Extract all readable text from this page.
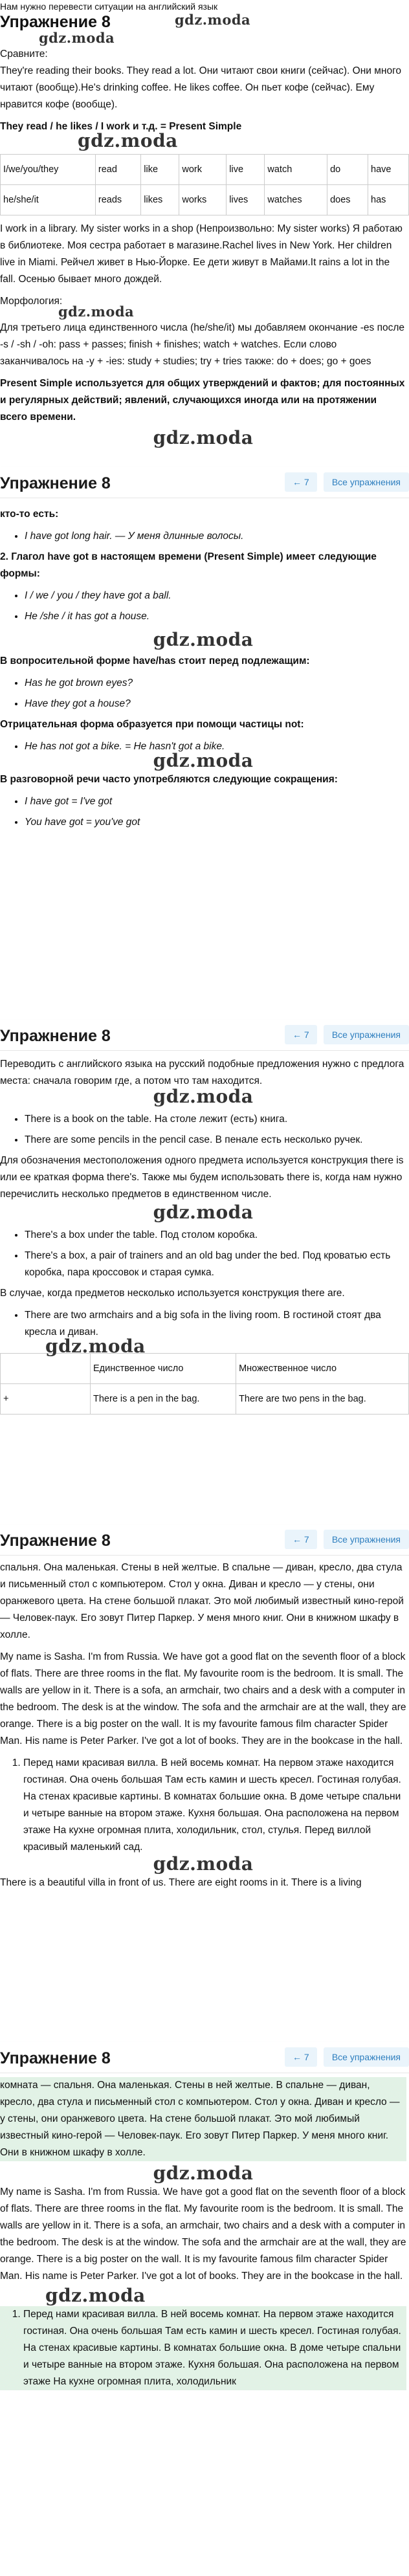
Нам нужно перевести ситуации на английский язык

Упражнение 8	gdz.moda
gdz.moda

Сравните:

They're reading their books. They read a lot. Они читают свои книги (сейчас). Они много читают (вообще).He's drinking coffee. He likes coffee. Он пьет кофе (сейчас). Ему нравится кофе (вообще).

They read / he likes / I work и т.д. = Present Simple

gdz.moda
I/we/you/they	read	like	work	live	watch	do	have
he/she/it	reads	likes	works	lives	watches	does	has

I work in a library. My sister works in a shop (Непроизвольно: My sister works) Я работаю в библиотеке. Моя сестра работает в магазине.Rachel lives in New York. Her children live in Miami. Рейчел живет в Нью-Йорке. Ее дети живут в Майами.It rains a lot in the fall. Осенью бывает много дождей.

Морфология:

gdz.moda

Для третьего лица единственного числа (he/she/it) мы добавляем окончание -es после -s / -sh / -oh: pass + passes; finish + finishes; watch + watches. Если слово заканчивалось на -y + -ies: study + studies; try + tries также: do + does; go + goes

Present Simple используется для общих утверждений и фактов; для постоянных и регулярных действий; явлений, случающихся иногда или на протяжении всего времени.

gdz.moda
Упражнение 8	← 7	Все упражнения

кто-то есть:

• I have got long hair. — У меня длинные волосы.

2. Глагол have got в настоящем времени (Present Simple) имеет следующие формы:

• I / we / you / they have got a ball.
• He /she / it has got a house.
gdz.moda

В вопросительной форме have/has стоит перед подлежащим:

• Has he got brown eyes?
• Have they got a house?

Отрицательная форма образуется при помощи частицы not:

• He has not got a bike. = He hasn't got a bike.
gdz.moda

В разговорной речи часто употребляются следующие сокращения:

• I have got = I've got
• You have got = you've got
Упражнение 8	← 7	Все упражнения

Переводить с английского языка на русский подобные предложения нужно с предлога места: сначала говорим где, а потом что там находится.

gdz.moda
• There is a book on the table. На столе лежит (есть) книга.
• There are some pencils in the pencil case. В пенале есть несколько ручек.

Для обозначения местоположения одного предмета используется конструкция there is или ее краткая форма there's. Также мы будем использовать there is, когда нам нужно перечислить несколько предметов в единственном числе.

gdz.moda
• There's a box under the table. Под столом коробка.
• There's a box, a pair of trainers and an old bag under the bed. Под кроватью есть коробка, пара кроссовок и старая сумка.

В случае, когда предметов несколько используется конструкция there are.

• There are two armchairs and a big sofa in the living room. В гостиной стоят два кресла и диван.
gdz.moda
	Единственное число	Множественное число
+	There is a pen in the bag.	There are two pens in the bag.
Упражнение 8	← 7	Все упражнения

спальня. Она маленькая. Стены в ней желтые. В спальне — диван, кресло, два стула и письменный стол с компьютером. Стол у окна. Диван и кресло — у стены, они оранжевого цвета. На стене большой плакат. Это мой любимый известный кино-герой — Человек-паук. Его зовут Питер Паркер. У меня много книг. Они в книжном шкафу в холле.

My name is Sasha. I'm from Russia. We have got a good flat on the seventh floor of a block of flats. There are three rooms in the flat. My favourite room is the bedroom. It is small. The walls are yellow in it. There is a sofa, an armchair, two chairs and a desk with a computer in the bedroom. The desk is at the window. The sofa and the armchair are at the wall, they are orange. There is a big poster on the wall. It is my favourite famous film character Spider Man. His name is Peter Parker. I've got a lot of books. They are in the bookcase in the hall.

1. Перед нами красивая вилла. В ней восемь комнат. На первом этаже находится гостиная. Она очень большая Там есть камин и шесть кресел. Гостиная голубая. На стенах красивые картины. В комнатах большие окна. В доме четыре спальни и четыре ванные на втором этаже. Кухня большая. Она расположена на первом этаже На кухне огромная плита, холодильник, стол, стулья. Перед виллой красивый маленький сад.
gdz.moda

There is a beautiful villa in front of us. There are eight rooms in it. There is a living

Упражнение 8	← 7	Все упражнения

комната — спальня. Она маленькая. Стены в ней желтые. В спальне — диван, кресло, два стула и письменный стол с компьютером. Стол у окна. Диван и кресло — у стены, они оранжевого цвета. На стене большой плакат. Это мой любимый известный кино-герой — Человек-паук. Его зовут Питер Паркер. У меня много книг. Они в книжном шкафу в холле.

gdz.moda

My name is Sasha. I'm from Russia. We have got a good flat on the seventh floor of a block of flats. There are three rooms in the flat. My favourite room is the bedroom. It is small. The walls are yellow in it. There is a sofa, an armchair, two chairs and a desk with a computer in the bedroom. The desk is at the window. The sofa and the armchair are at the wall, they are orange. There is a big poster on the wall. It is my favourite famous film character Spider Man. His name is Peter Parker. I've got a lot of books. They are in the bookcase in the hall.

gdz.moda
1. Перед нами красивая вилла. В ней восемь комнат. На первом этаже находится гостиная. Она очень большая Там есть камин и шесть кресел. Гостиная голубая. На стенах красивые картины. В комнатах большие окна. В доме четыре спальни и четыре ванные на втором этаже. Кухня большая. Она расположена на первом этаже На кухне огромная плита, холодильник
